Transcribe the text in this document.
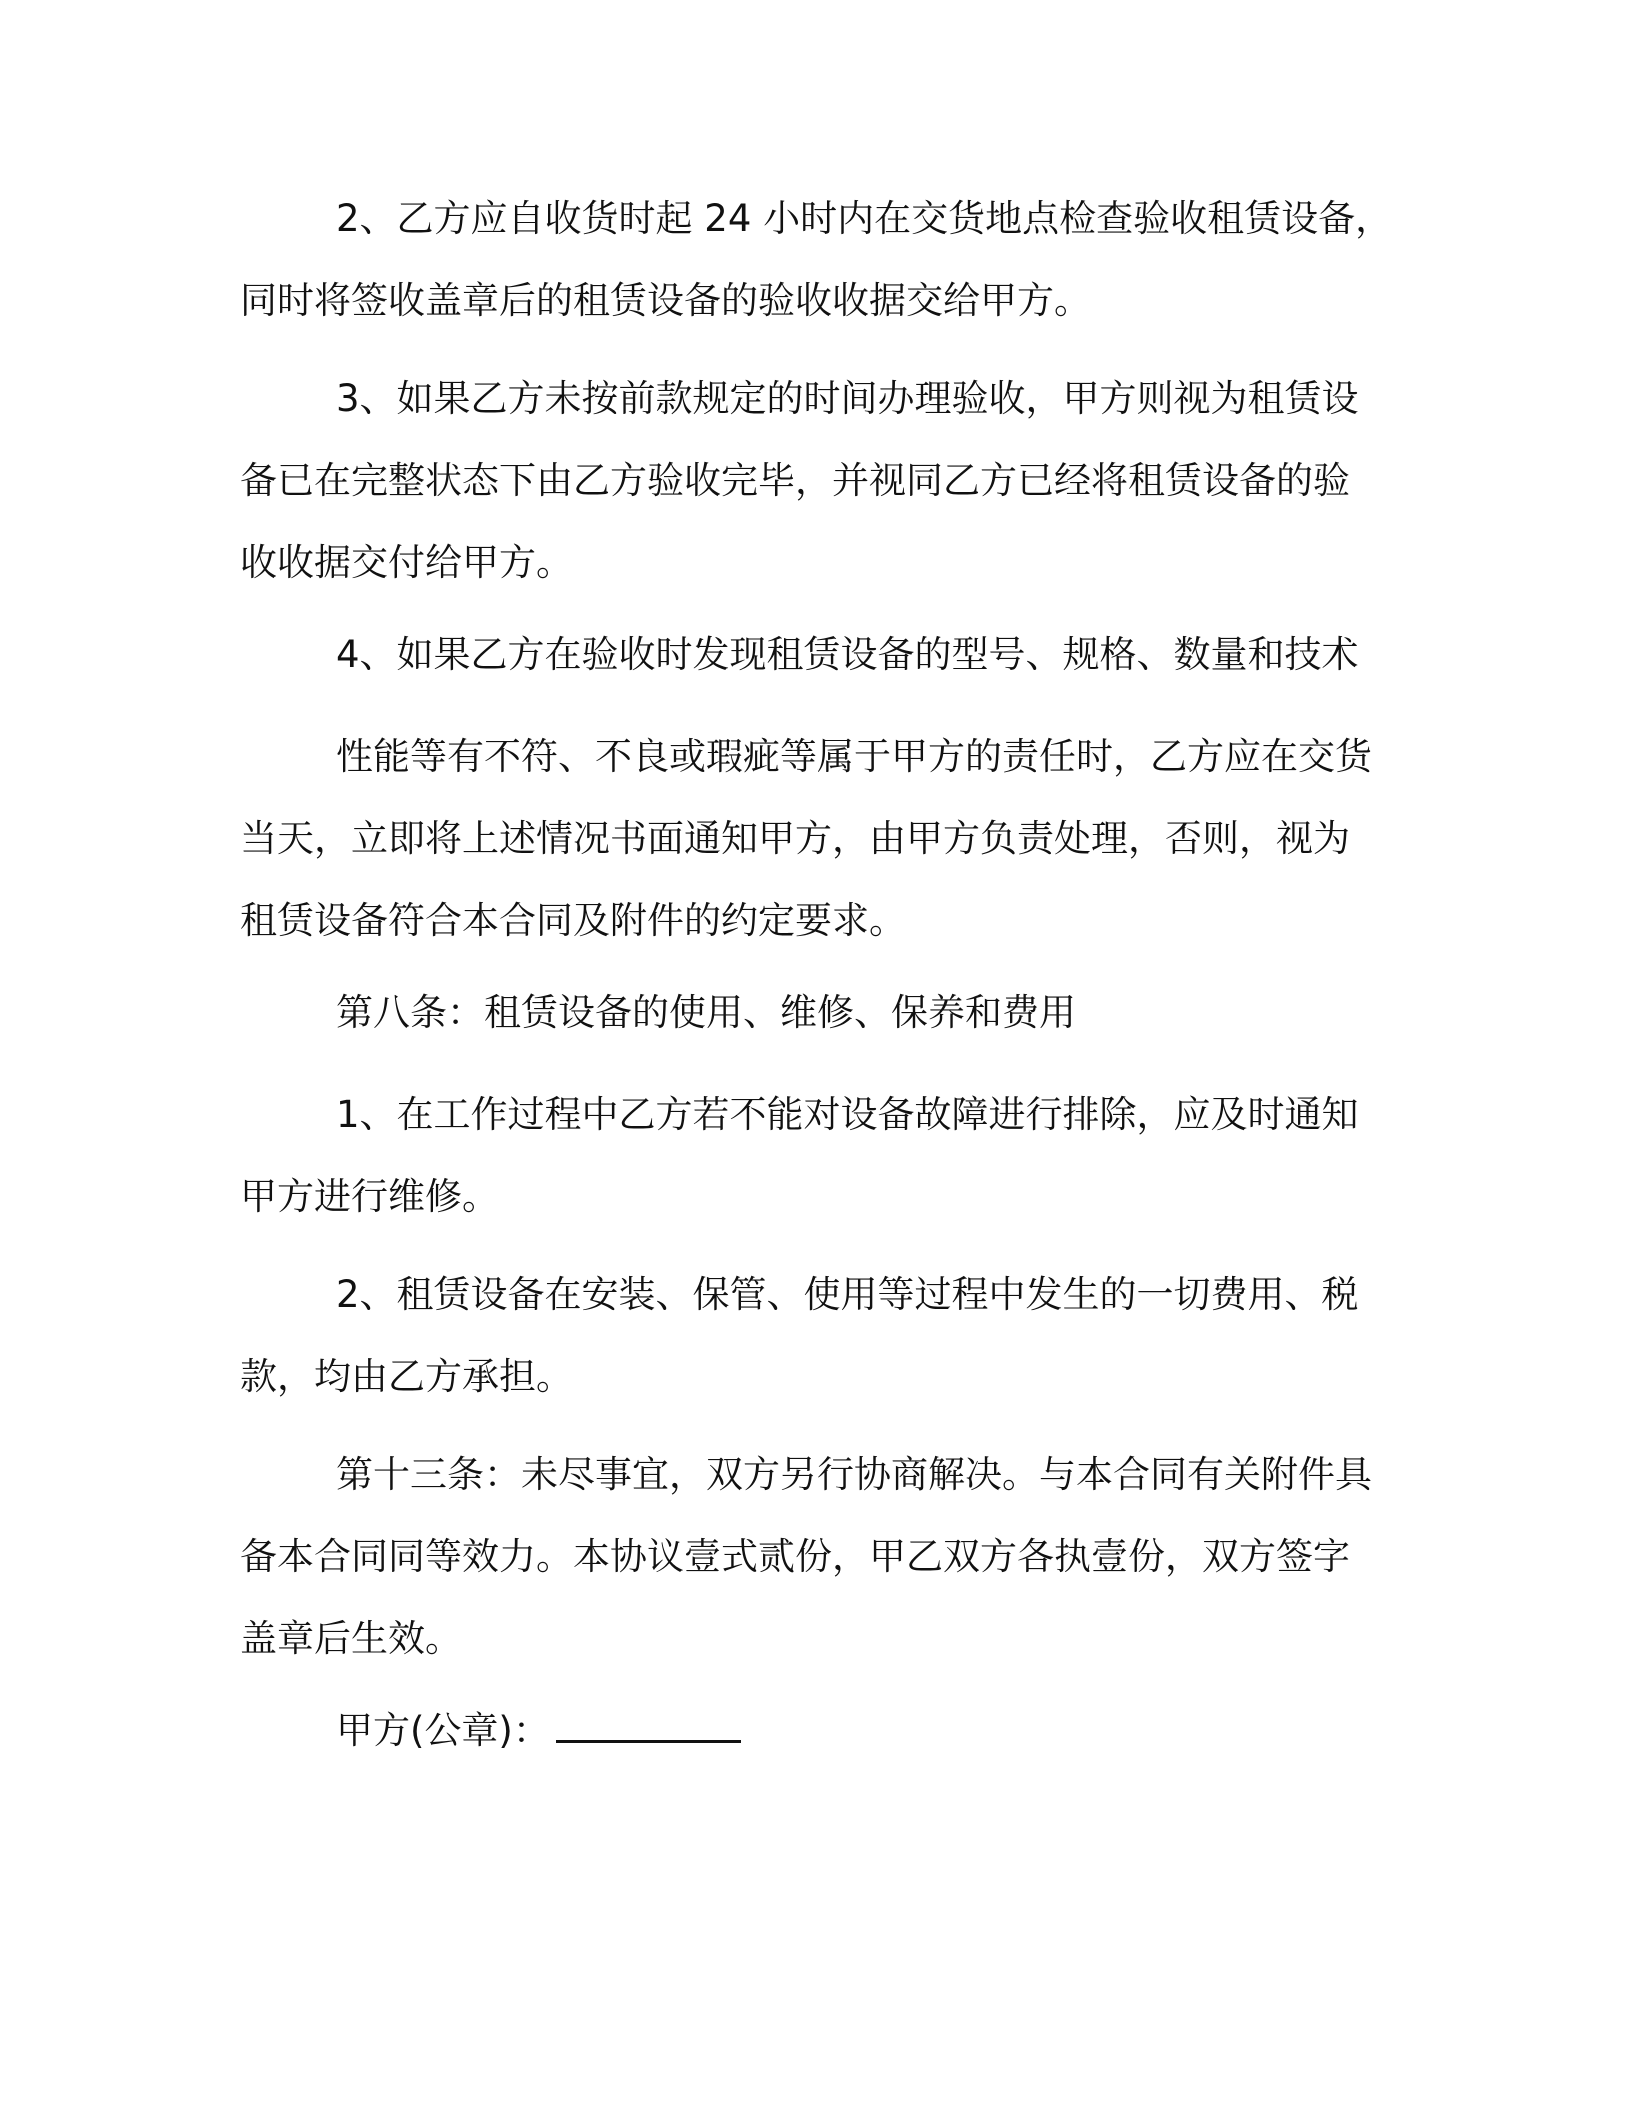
2、乙方应自收货时起 24 小时内在交货地点检查验收租赁设备，
同时将签收盖章后的租赁设备的验收收据交给甲方。
3、如果乙方未按前款规定的时间办理验收，甲方则视为租赁设
备已在完整状态下由乙方验收完毕，并视同乙方已经将租赁设备的验
收收据交付给甲方。
4、如果乙方在验收时发现租赁设备的型号、规格、数量和技术
性能等有不符、不良或瑕疵等属于甲方的责任时，乙方应在交货
当天，立即将上述情况书面通知甲方，由甲方负责处理，否则，视为
租赁设备符合本合同及附件的约定要求。
第八条：租赁设备的使用、维修、保养和费用
1、在工作过程中乙方若不能对设备故障进行排除，应及时通知
甲方进行维修。
2、租赁设备在安装、保管、使用等过程中发生的一切费用、税
款，均由乙方承担。
第十三条：未尽事宜，双方另行协商解决。与本合同有关附件具
备本合同同等效力。本协议壹式贰份，甲乙双方各执壹份，双方签字
盖章后生效。
甲方(公章)：
